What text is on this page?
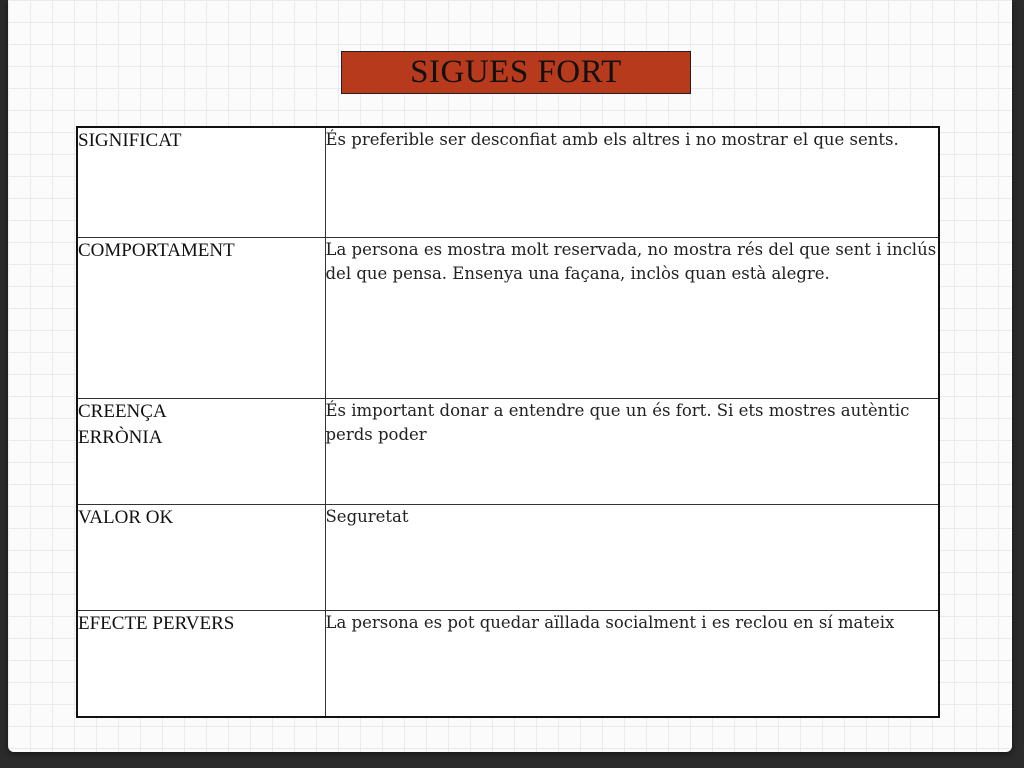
SIGUES FORT
SIGNIFICAT	És preferible ser desconfiat amb els altres i no mostrar el que sents.
COMPORTAMENT	La persona es mostra molt reservada, no mostra rés del que sent i inclús del que pensa. Ensenya una façana, inclòs quan està alegre.
CREENÇA ERRÒNIA	És important donar a entendre que un és fort. Si ets mostres autèntic perds poder
VALOR OK	Seguretat
EFECTE PERVERS	La persona es pot quedar aïllada socialment i es reclou en sí mateix
